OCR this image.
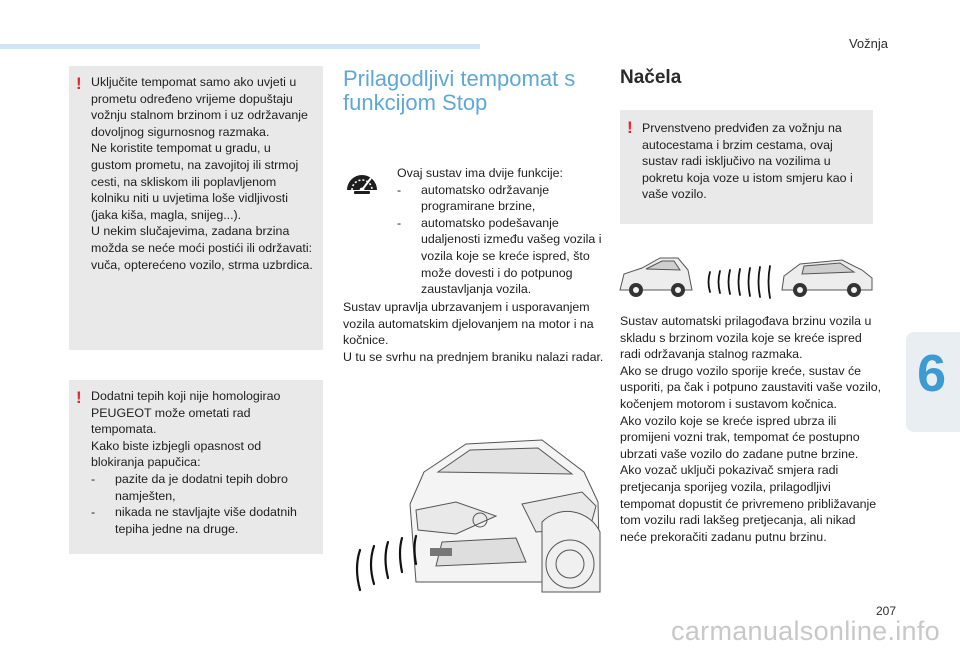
Vožnja
6
! Uključite tempomat samo ako uvjeti u prometu određeno vrijeme dopuštaju vožnju stalnom brzinom i uz održavanje dovoljnog sigurnosnog razmaka.
Ne koristite tempomat u gradu, u gustom prometu, na zavojitoj ili strmoj cesti, na skliskom ili poplavljenom kolniku niti u uvjetima loše vidljivosti (jaka kiša, magla, snijeg...).
U nekim slučajevima, zadana brzina možda se neće moći postići ili održavati: vuča, opterećeno vozilo, strma uzbrdica.

! Dodatni tepih koji nije homologirao PEUGEOT može ometati rad tempomata.
Kako biste izbjegli opasnost od blokiranja papučica:

-	pazite da je dodatni tepih dobro namješten,
-	nikada ne stavljajte više dodatnih tepiha jedne na druge.
Prilagodljivi tempomat s funkcijom Stop

Ovaj sustav ima dvije funkcije:

-	automatsko održavanje programirane brzine,
-	automatsko podešavanje udaljenosti između vašeg vozila i vozila koje se kreće ispred, što može dovesti i do potpunog zaustavljanja vozila.

Sustav upravlja ubrzavanjem i usporavanjem vozila automatskim djelovanjem na motor i na kočnice.
U tu se svrhu na prednjem braniku nalazi radar.

Načela
! Prvenstveno predviđen za vožnju na autocestama i brzim cestama, ovaj sustav radi isključivo na vozilima u pokretu koja voze u istom smjeru kao i vaše vozilo.

Sustav automatski prilagođava brzinu vozila u skladu s brzinom vozila koje se kreće ispred radi održavanja stalnog razmaka.
Ako se drugo vozilo sporije kreće, sustav će usporiti, pa čak i potpuno zaustaviti vaše vozilo, kočenjem motorom i sustavom kočnica.
Ako vozilo koje se kreće ispred ubrza ili promijeni vozni trak, tempomat će postupno ubrzati vaše vozilo do zadane putne brzine.
Ako vozač uključi pokazivač smjera radi pretjecanja sporijeg vozila, prilagodljivi tempomat dopustit će privremeno približavanje tom vozilu radi lakšeg pretjecanja, ali nikad neće prekoračiti zadanu putnu brzinu.

207
carmanualsonline.info
